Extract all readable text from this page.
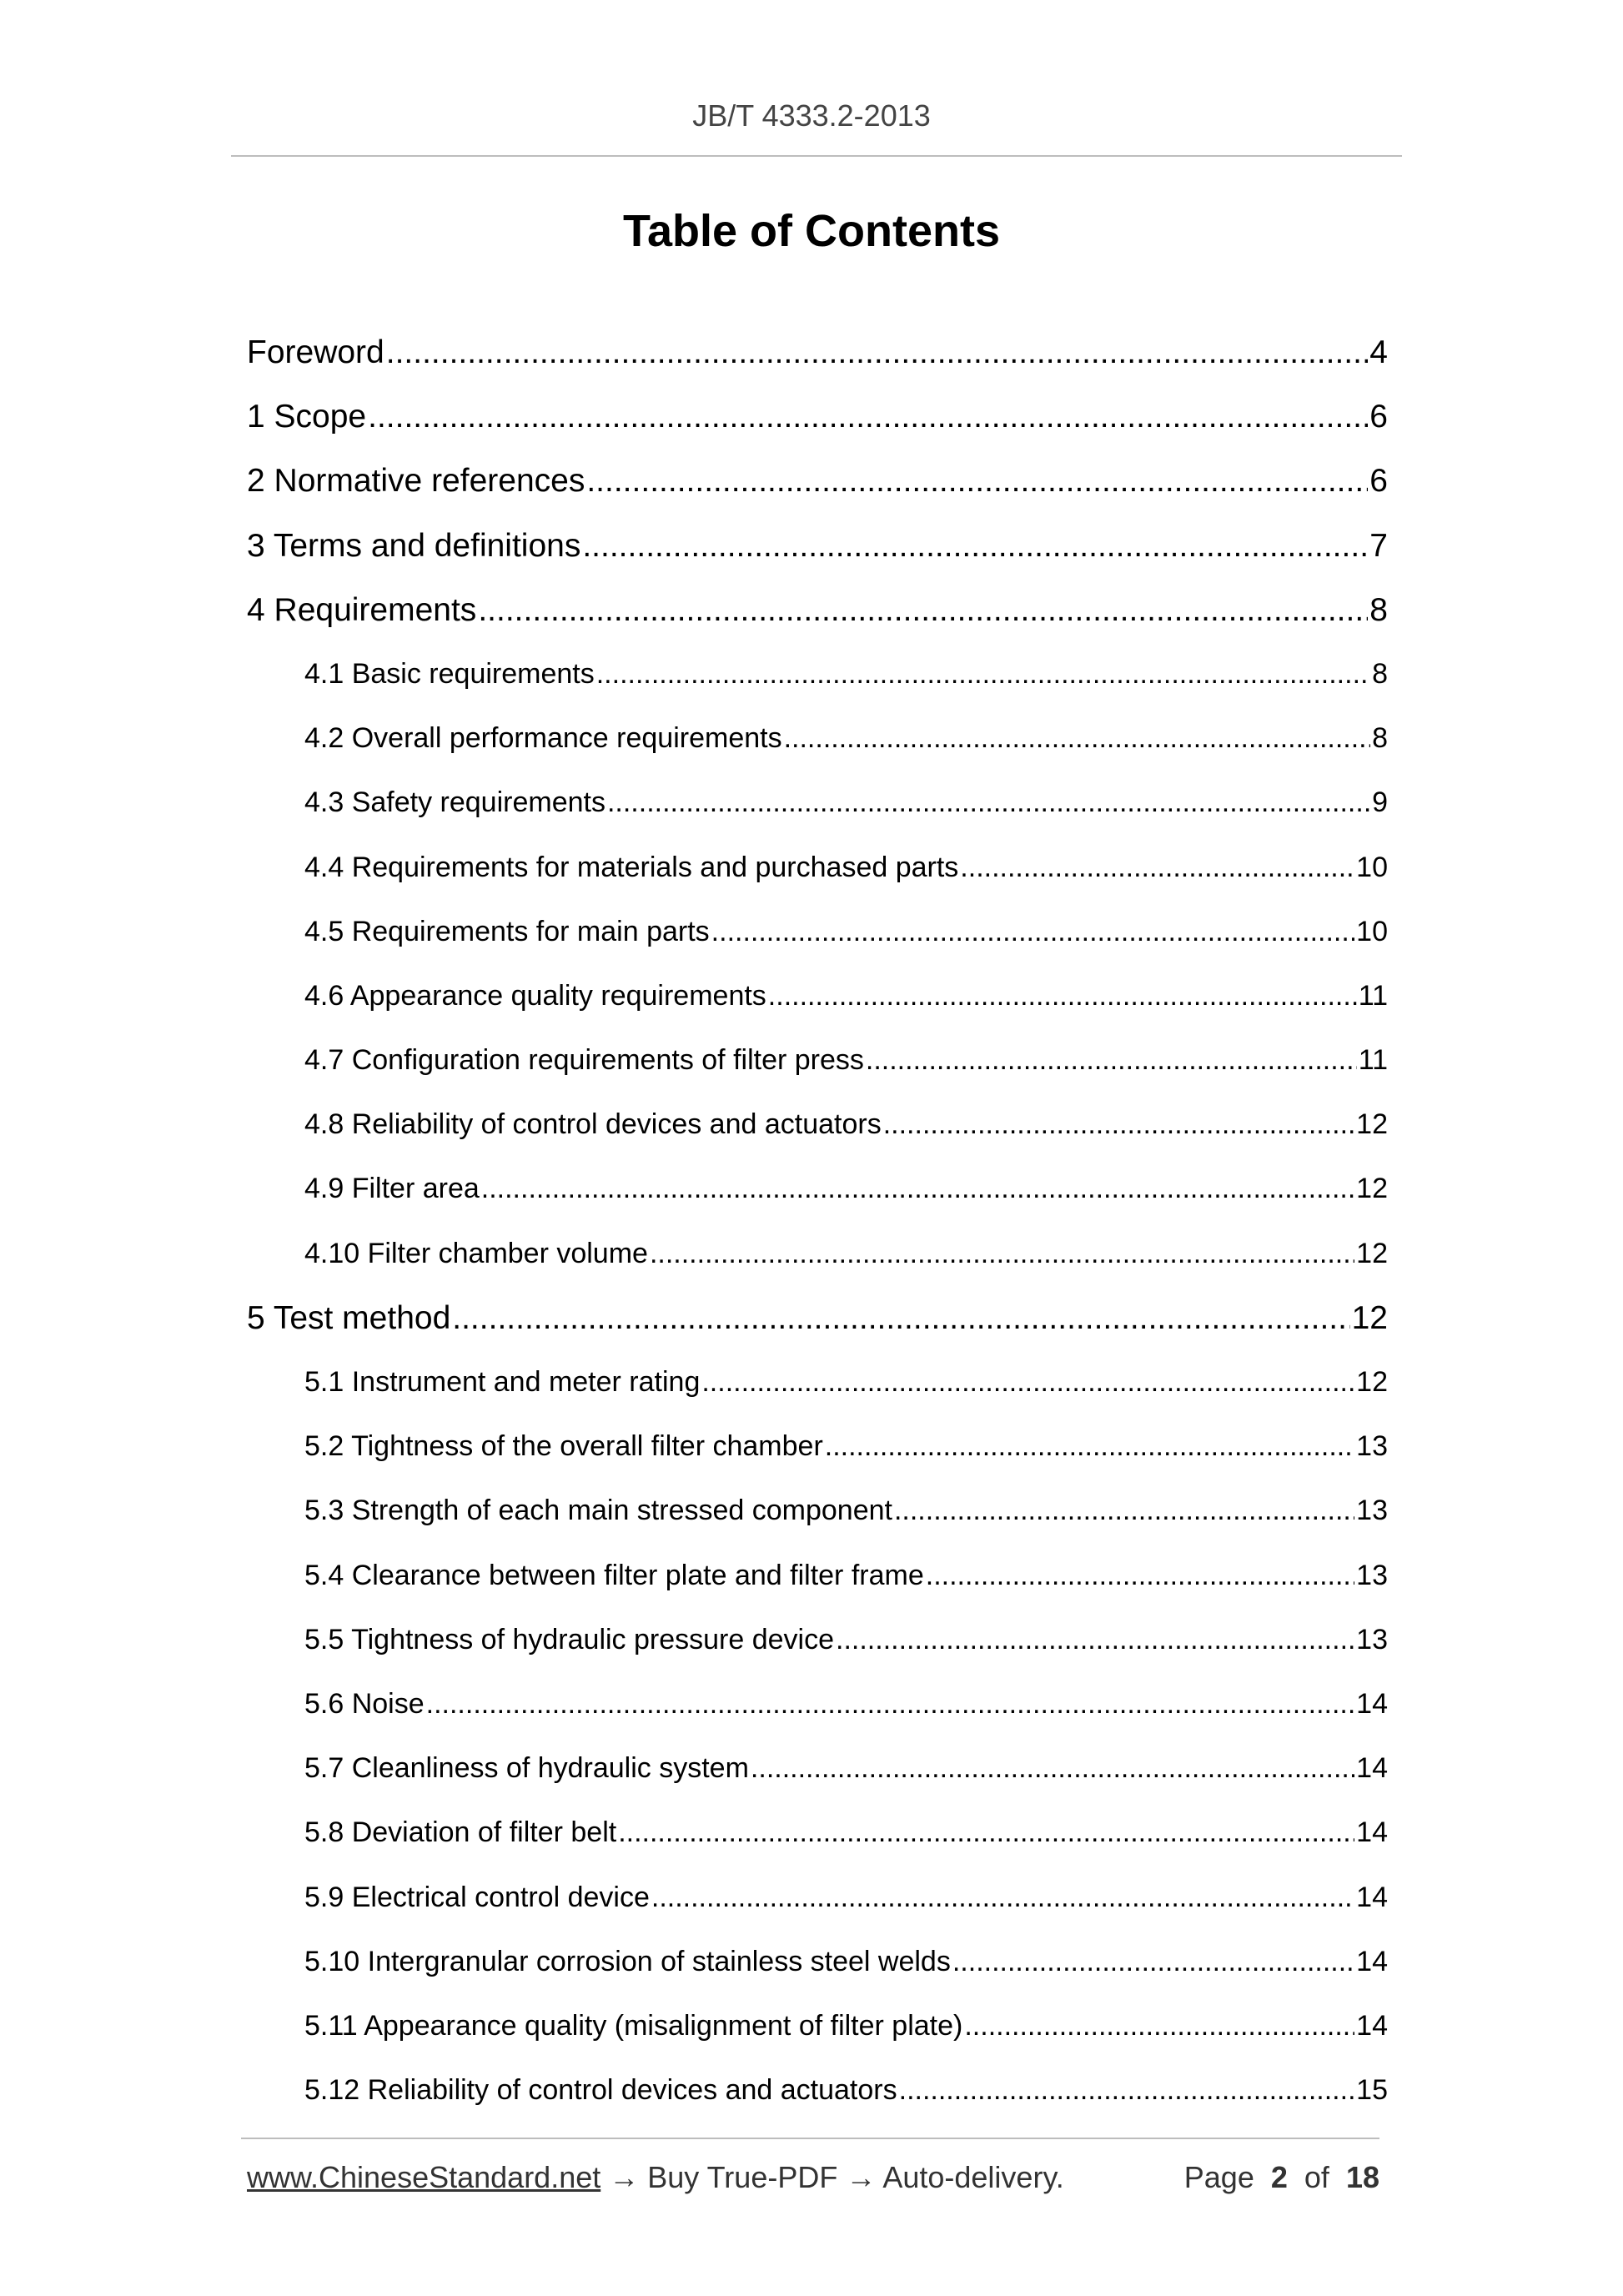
JB/T 4333.2-2013
Table of Contents
Foreword .....	4
1 Scope .....	6
2 Normative references .....	6
3 Terms and definitions .....	7
4 Requirements .....	8
4.1 Basic requirements .....	8
4.2 Overall performance requirements .....	8
4.3 Safety requirements .....	9
4.4 Requirements for materials and purchased parts .....	10
4.5 Requirements for main parts .....	10
4.6 Appearance quality requirements .....	11
4.7 Configuration requirements of filter press .....	11
4.8 Reliability of control devices and actuators .....	12
4.9 Filter area .....	12
4.10 Filter chamber volume .....	12
5 Test method .....	12
5.1 Instrument and meter rating .....	12
5.2 Tightness of the overall filter chamber .....	13
5.3 Strength of each main stressed component .....	13
5.4 Clearance between filter plate and filter frame .....	13
5.5 Tightness of hydraulic pressure device .....	13
5.6 Noise .....	14
5.7 Cleanliness of hydraulic system .....	14
5.8 Deviation of filter belt .....	14
5.9 Electrical control device .....	14
5.10 Intergranular corrosion of stainless steel welds .....	14
5.11 Appearance quality (misalignment of filter plate) .....	14
5.12 Reliability of control devices and actuators .....	15
www.ChineseStandard.net → Buy True-PDF → Auto-delivery.	Page 2 of 18
